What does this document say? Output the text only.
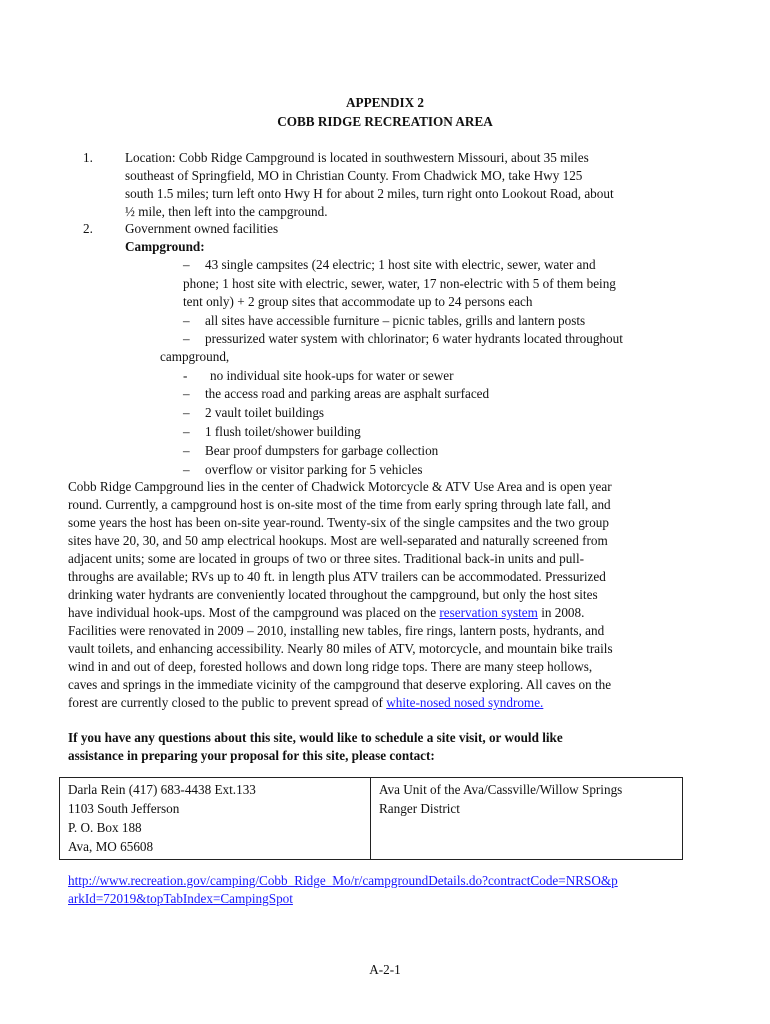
APPENDIX 2
COBB RIDGE RECREATION AREA
1. Location: Cobb Ridge Campground is located in southwestern Missouri, about 35 miles
southeast of Springfield, MO in Christian County. From Chadwick MO, take Hwy 125
south 1.5 miles; turn left onto Hwy H for about 2 miles, turn right onto Lookout Road, about
½ mile, then left into the campground.
2. Government owned facilities
Campground:
– 43 single campsites (24 electric; 1 host site with electric, sewer, water and
phone; 1 host site with electric, sewer, water, 17 non-electric with 5 of them being
tent only) + 2 group sites that accommodate up to 24 persons each
– all sites have accessible furniture – picnic tables, grills and lantern posts
– pressurized water system with chlorinator; 6 water hydrants located throughout
campground,
- no individual site hook-ups for water or sewer
– the access road and parking areas are asphalt surfaced
– 2 vault toilet buildings
– 1 flush toilet/shower building
– Bear proof dumpsters for garbage collection
– overflow or visitor parking for 5 vehicles
Cobb Ridge Campground lies in the center of Chadwick Motorcycle & ATV Use Area and is open year
round. Currently, a campground host is on-site most of the time from early spring through late fall, and
some years the host has been on-site year-round. Twenty-six of the single campsites and the two group
sites have 20, 30, and 50 amp electrical hookups. Most are well-separated and naturally screened from
adjacent units; some are located in groups of two or three sites. Traditional back-in units and pull-
throughs are available; RVs up to 40 ft. in length plus ATV trailers can be accommodated. Pressurized
drinking water hydrants are conveniently located throughout the campground, but only the host sites
have individual hook-ups. Most of the campground was placed on the reservation system in 2008.
Facilities were renovated in 2009 – 2010, installing new tables, fire rings, lantern posts, hydrants, and
vault toilets, and enhancing accessibility. Nearly 80 miles of ATV, motorcycle, and mountain bike trails
wind in and out of deep, forested hollows and down long ridge tops. There are many steep hollows,
caves and springs in the immediate vicinity of the campground that deserve exploring. All caves on the
forest are currently closed to the public to prevent spread of white-nosed nosed syndrome.
If you have any questions about this site, would like to schedule a site visit, or would like
assistance in preparing your proposal for this site, please contact:
Darla Rein (417) 683-4438 Ext.133
1103 South Jefferson
P. O. Box 188
Ava, MO 65608

Ava Unit of the Ava/Cassville/Willow Springs
Ranger District
http://www.recreation.gov/camping/Cobb_Ridge_Mo/r/campgroundDetails.do?contractCode=NRSO&p
arkId=72019&topTabIndex=CampingSpot
A-2-1
